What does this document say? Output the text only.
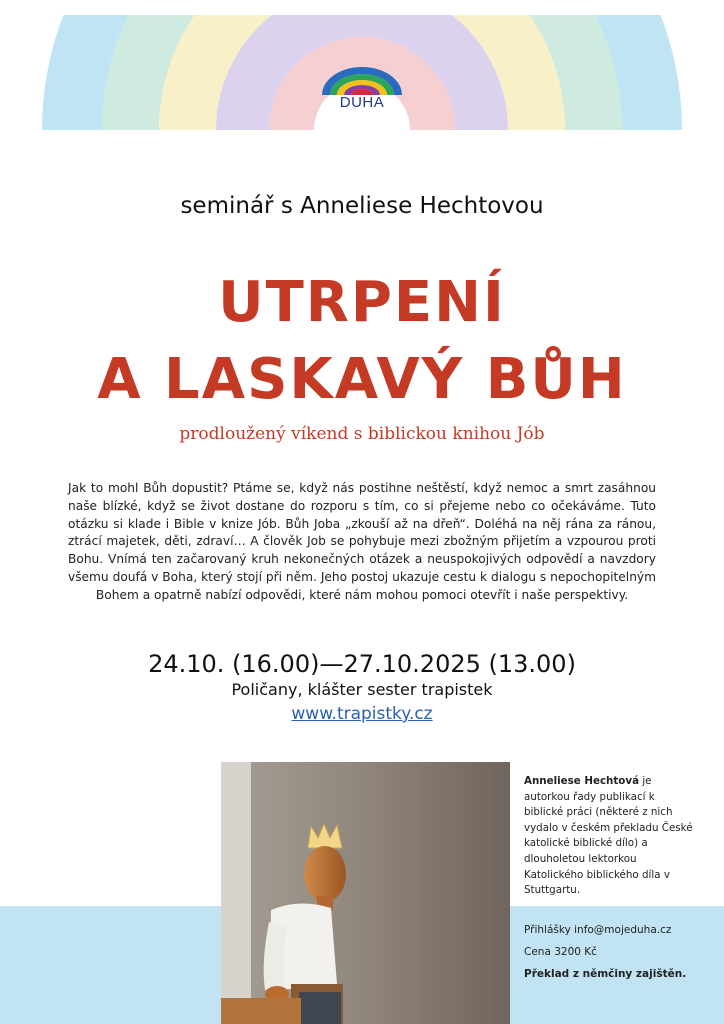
DUHA
seminář s Anneliese Hechtovou
UTRPENÍ
A LASKAVÝ BŮH
prodloužený víkend s biblickou knihou Jób
Jak to mohl Bůh dopustit? Ptáme se, když nás postihne neštěstí, když nemoc a smrt zasáhnou naše blízké, když se život dostane do rozporu s tím, co si přejeme nebo co očekáváme. Tuto otázku si klade i Bible v knize Jób. Bůh Joba „zkouší až na dřeň“. Doléhá na něj rána za ránou, ztrácí majetek, děti, zdraví… A člověk Job se pohybuje mezi zbožným přijetím a vzpourou proti Bohu. Vnímá ten začarovaný kruh nekonečných otázek a neuspokojivých odpovědí a navzdory všemu doufá v Boha, který stojí při něm. Jeho postoj ukazuje cestu k dialogu s nepochopitelným Bohem a opatrně nabízí odpovědi, které nám mohou pomoci otevřít i naše perspektivy.
24.10. (16.00)—27.10.2025 (13.00)
Poličany, klášter sester trapistek
www.trapistky.cz
Anneliese Hechtová je autorkou řady publikací k biblické práci (některé z nich vydalo v českém překladu České katolické biblické dílo) a dlouholetou lektorkou Katolického biblického díla v Stuttgartu.
Přihlášky info@mojeduha.cz
Cena 3200 Kč
Překlad z němčiny zajištěn.
